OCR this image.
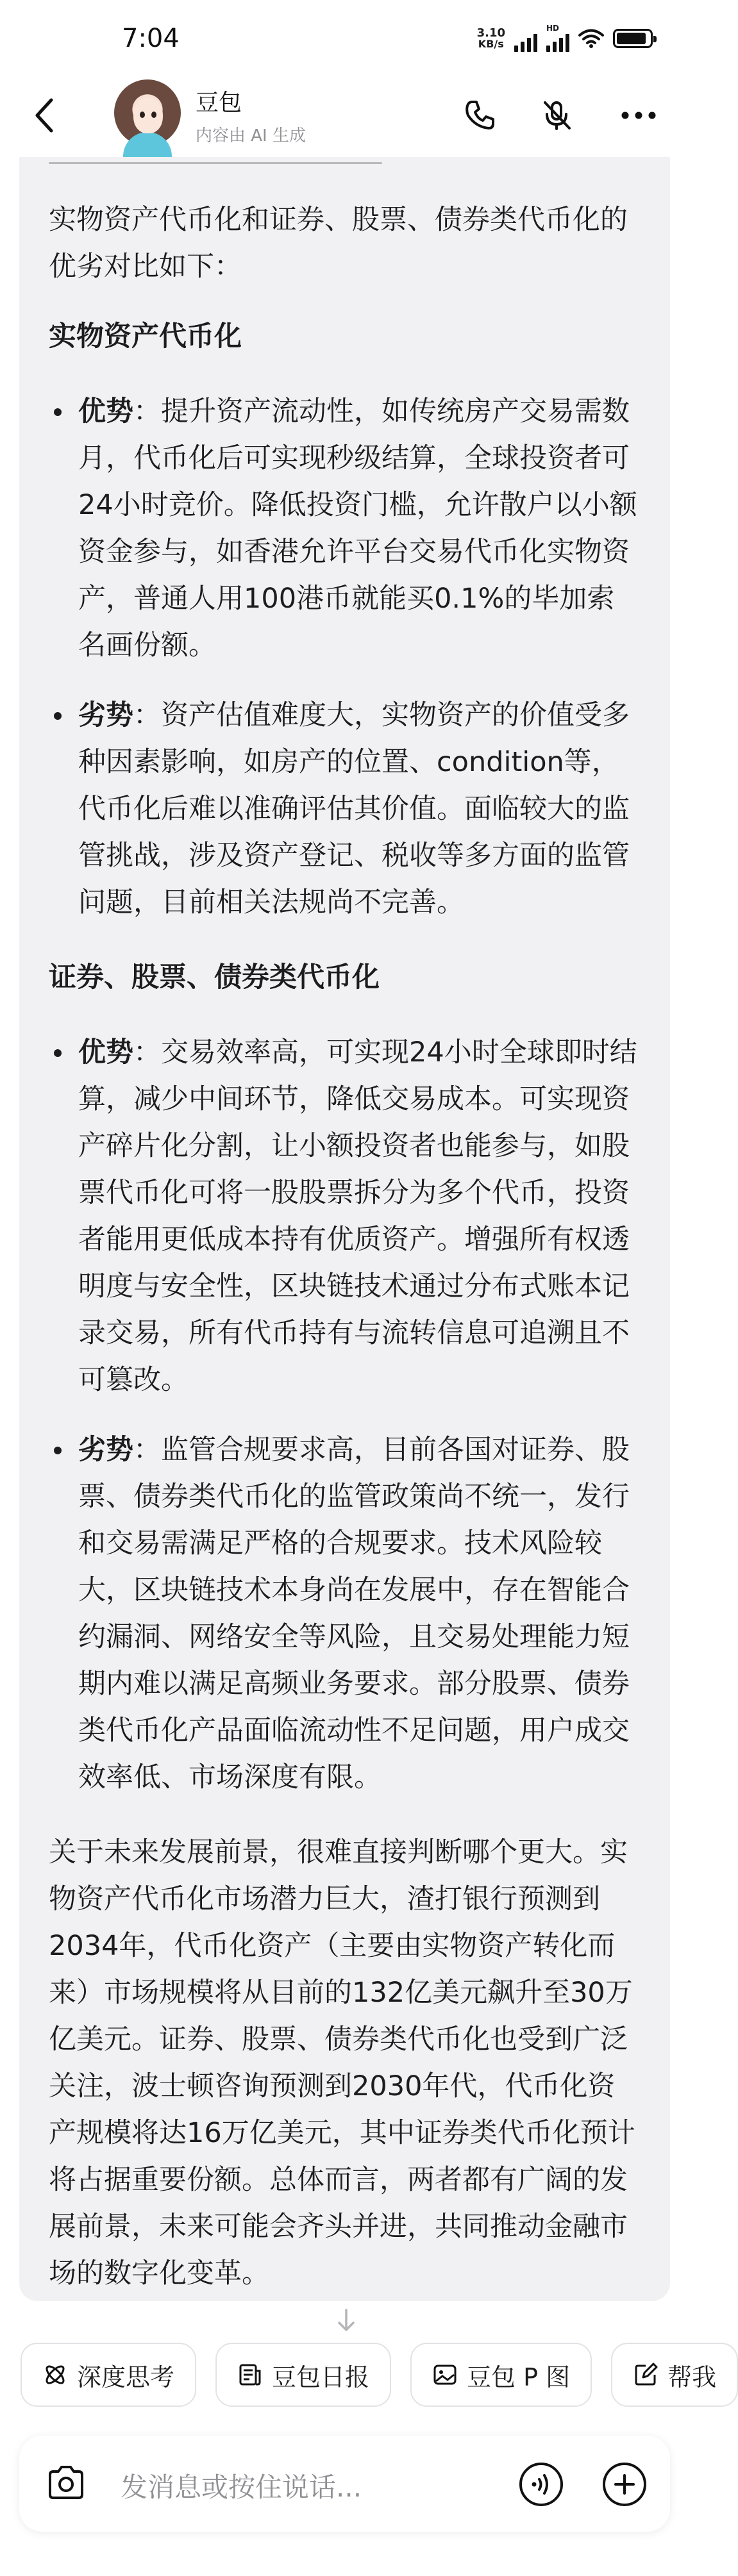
7:04	3.10
KB/s
HD
豆包
内容由 AI 生成
实物资产代币化和证券、股票、债券类代币化的优劣对比如下：
实物资产代币化
优势：提升资产流动性，如传统房产交易需数月，代币化后可实现秒级结算，全球投资者可24小时竞价。降低投资门槛，允许散户以小额资金参与，如香港允许平台交易代币化实物资产，普通人用100港币就能买0.1%的毕加索名画份额。
劣势：资产估值难度大，实物资产的价值受多种因素影响，如房产的位置、condition等，代币化后难以准确评估其价值。面临较大的监管挑战，涉及资产登记、税收等多方面的监管问题，目前相关法规尚不完善。
证券、股票、债券类代币化
优势：交易效率高，可实现24小时全球即时结算，减少中间环节，降低交易成本。可实现资产碎片化分割，让小额投资者也能参与，如股票代币化可将一股股票拆分为多个代币，投资者能用更低成本持有优质资产。增强所有权透明度与安全性，区块链技术通过分布式账本记录交易，所有代币持有与流转信息可追溯且不可篡改。
劣势：监管合规要求高，目前各国对证券、股票、债券类代币化的监管政策尚不统一，发行和交易需满足严格的合规要求。技术风险较大，区块链技术本身尚在发展中，存在智能合约漏洞、网络安全等风险，且交易处理能力短期内难以满足高频业务要求。部分股票、债券类代币化产品面临流动性不足问题，用户成交效率低、市场深度有限。
关于未来发展前景，很难直接判断哪个更大。实物资产代币化市场潜力巨大，渣打银行预测到2034年，代币化资产（主要由实物资产转化而来）市场规模将从目前的132亿美元飙升至30万亿美元。证券、股票、债券类代币化也受到广泛关注，波士顿咨询预测到2030年代，代币化资产规模将达16万亿美元，其中证券类代币化预计将占据重要份额。总体而言，两者都有广阔的发展前景，未来可能会齐头并进，共同推动金融市场的数字化变革。
深度思考	豆包日报	豆包 P 图	帮我
发消息或按住说话...
